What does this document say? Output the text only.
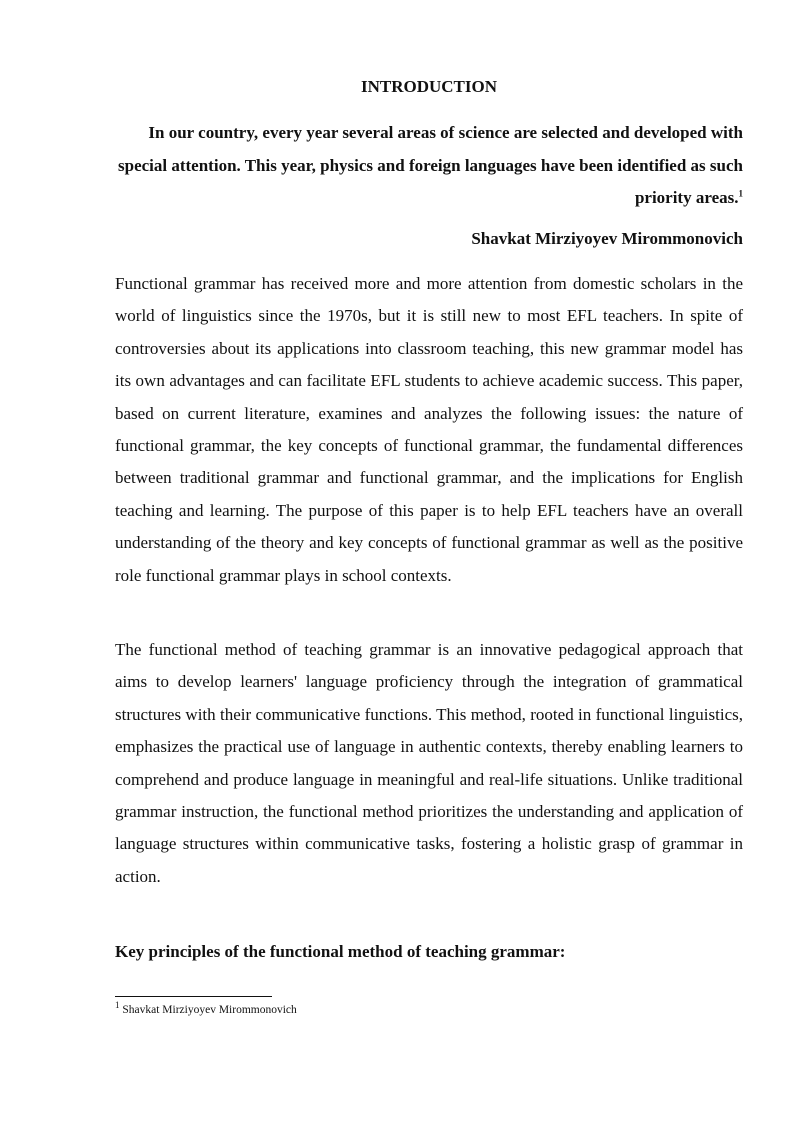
INTRODUCTION
In our country, every year several areas of science are selected and developed with special attention. This year, physics and foreign languages have been identified as such priority areas.$^1$
Shavkat Mirziyoyev Mirommonovich

Functional grammar has received more and more attention from domestic scholars in the world of linguistics since the 1970s, but it is still new to most EFL teachers. In spite of controversies about its applications into classroom teaching, this new grammar model has its own advantages and can facilitate EFL students to achieve academic success. This paper, based on current literature, examines and analyzes the following issues: the nature of functional grammar, the key concepts of functional grammar, the fundamental differences between traditional grammar and functional grammar, and the implications for English teaching and learning. The purpose of this paper is to help EFL teachers have an overall understanding of the theory and key concepts of functional grammar as well as the positive role functional grammar plays in school contexts.

The functional method of teaching grammar is an innovative pedagogical approach that aims to develop learners' language proficiency through the integration of grammatical structures with their communicative functions. This method, rooted in functional linguistics, emphasizes the practical use of language in authentic contexts, thereby enabling learners to comprehend and produce language in meaningful and real-life situations. Unlike traditional grammar instruction, the functional method prioritizes the understanding and application of language structures within communicative tasks, fostering a holistic grasp of grammar in action.

Key principles of the functional method of teaching grammar:
$^1$ Shavkat Mirziyoyev Mirommonovich
